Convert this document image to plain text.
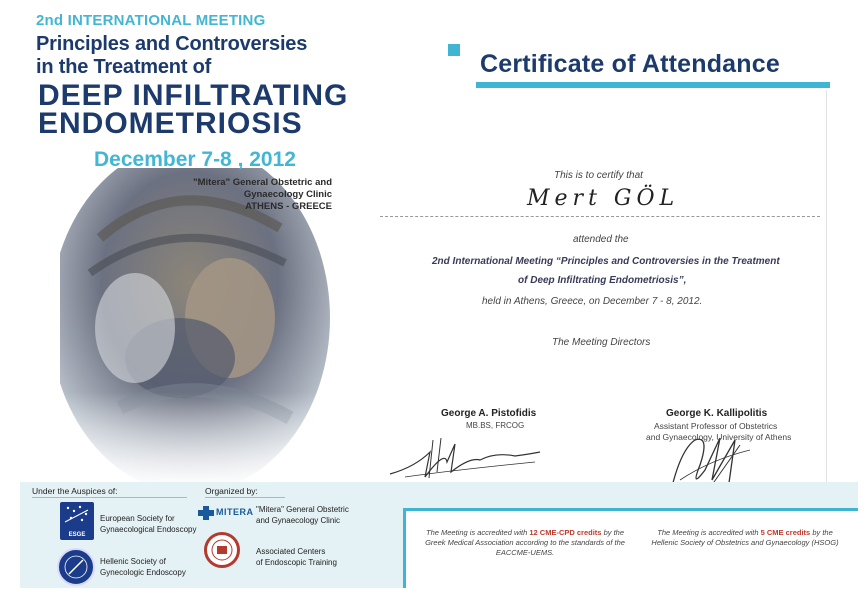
2nd INTERNATIONAL MEETING
Principles and Controversies
in the Treatment of
DEEP INFILTRATING
ENDOMETRIOSIS
December 7-8 , 2012
"Mitera" General Obstetric and Gynaecology Clinic
ATHENS - GREECE
Certificate of Attendance
This is to certify that
Mert GÖL
attended the
2nd International Meeting “Principles and Controversies in the Treatment
of Deep Infiltrating Endometriosis”,
held in Athens, Greece, on December 7 - 8, 2012.
The Meeting Directors
George A. Pistofidis
MB.BS, FRCOG
George K. Kallipolitis
Assistant Professor of Obstetrics
and Gynaecology, University of Athens
Under the Auspices of:	Organized by:
ESGE
European Society for
Gynaecological Endoscopy
Hellenic Society of
Gynecologic Endoscopy
MITERA "Mitera" General Obstetric
and Gynaecology Clinic
Associated Centers
of Endoscopic Training
The Meeting is accredited with 12 CME-CPD credits by the Greek Medical Association according to the standards of the EACCME-UEMS.
The Meeting is accredited with 5 CME credits by the Hellenic Society of Obstetrics and Gynaecology (HSOG)
